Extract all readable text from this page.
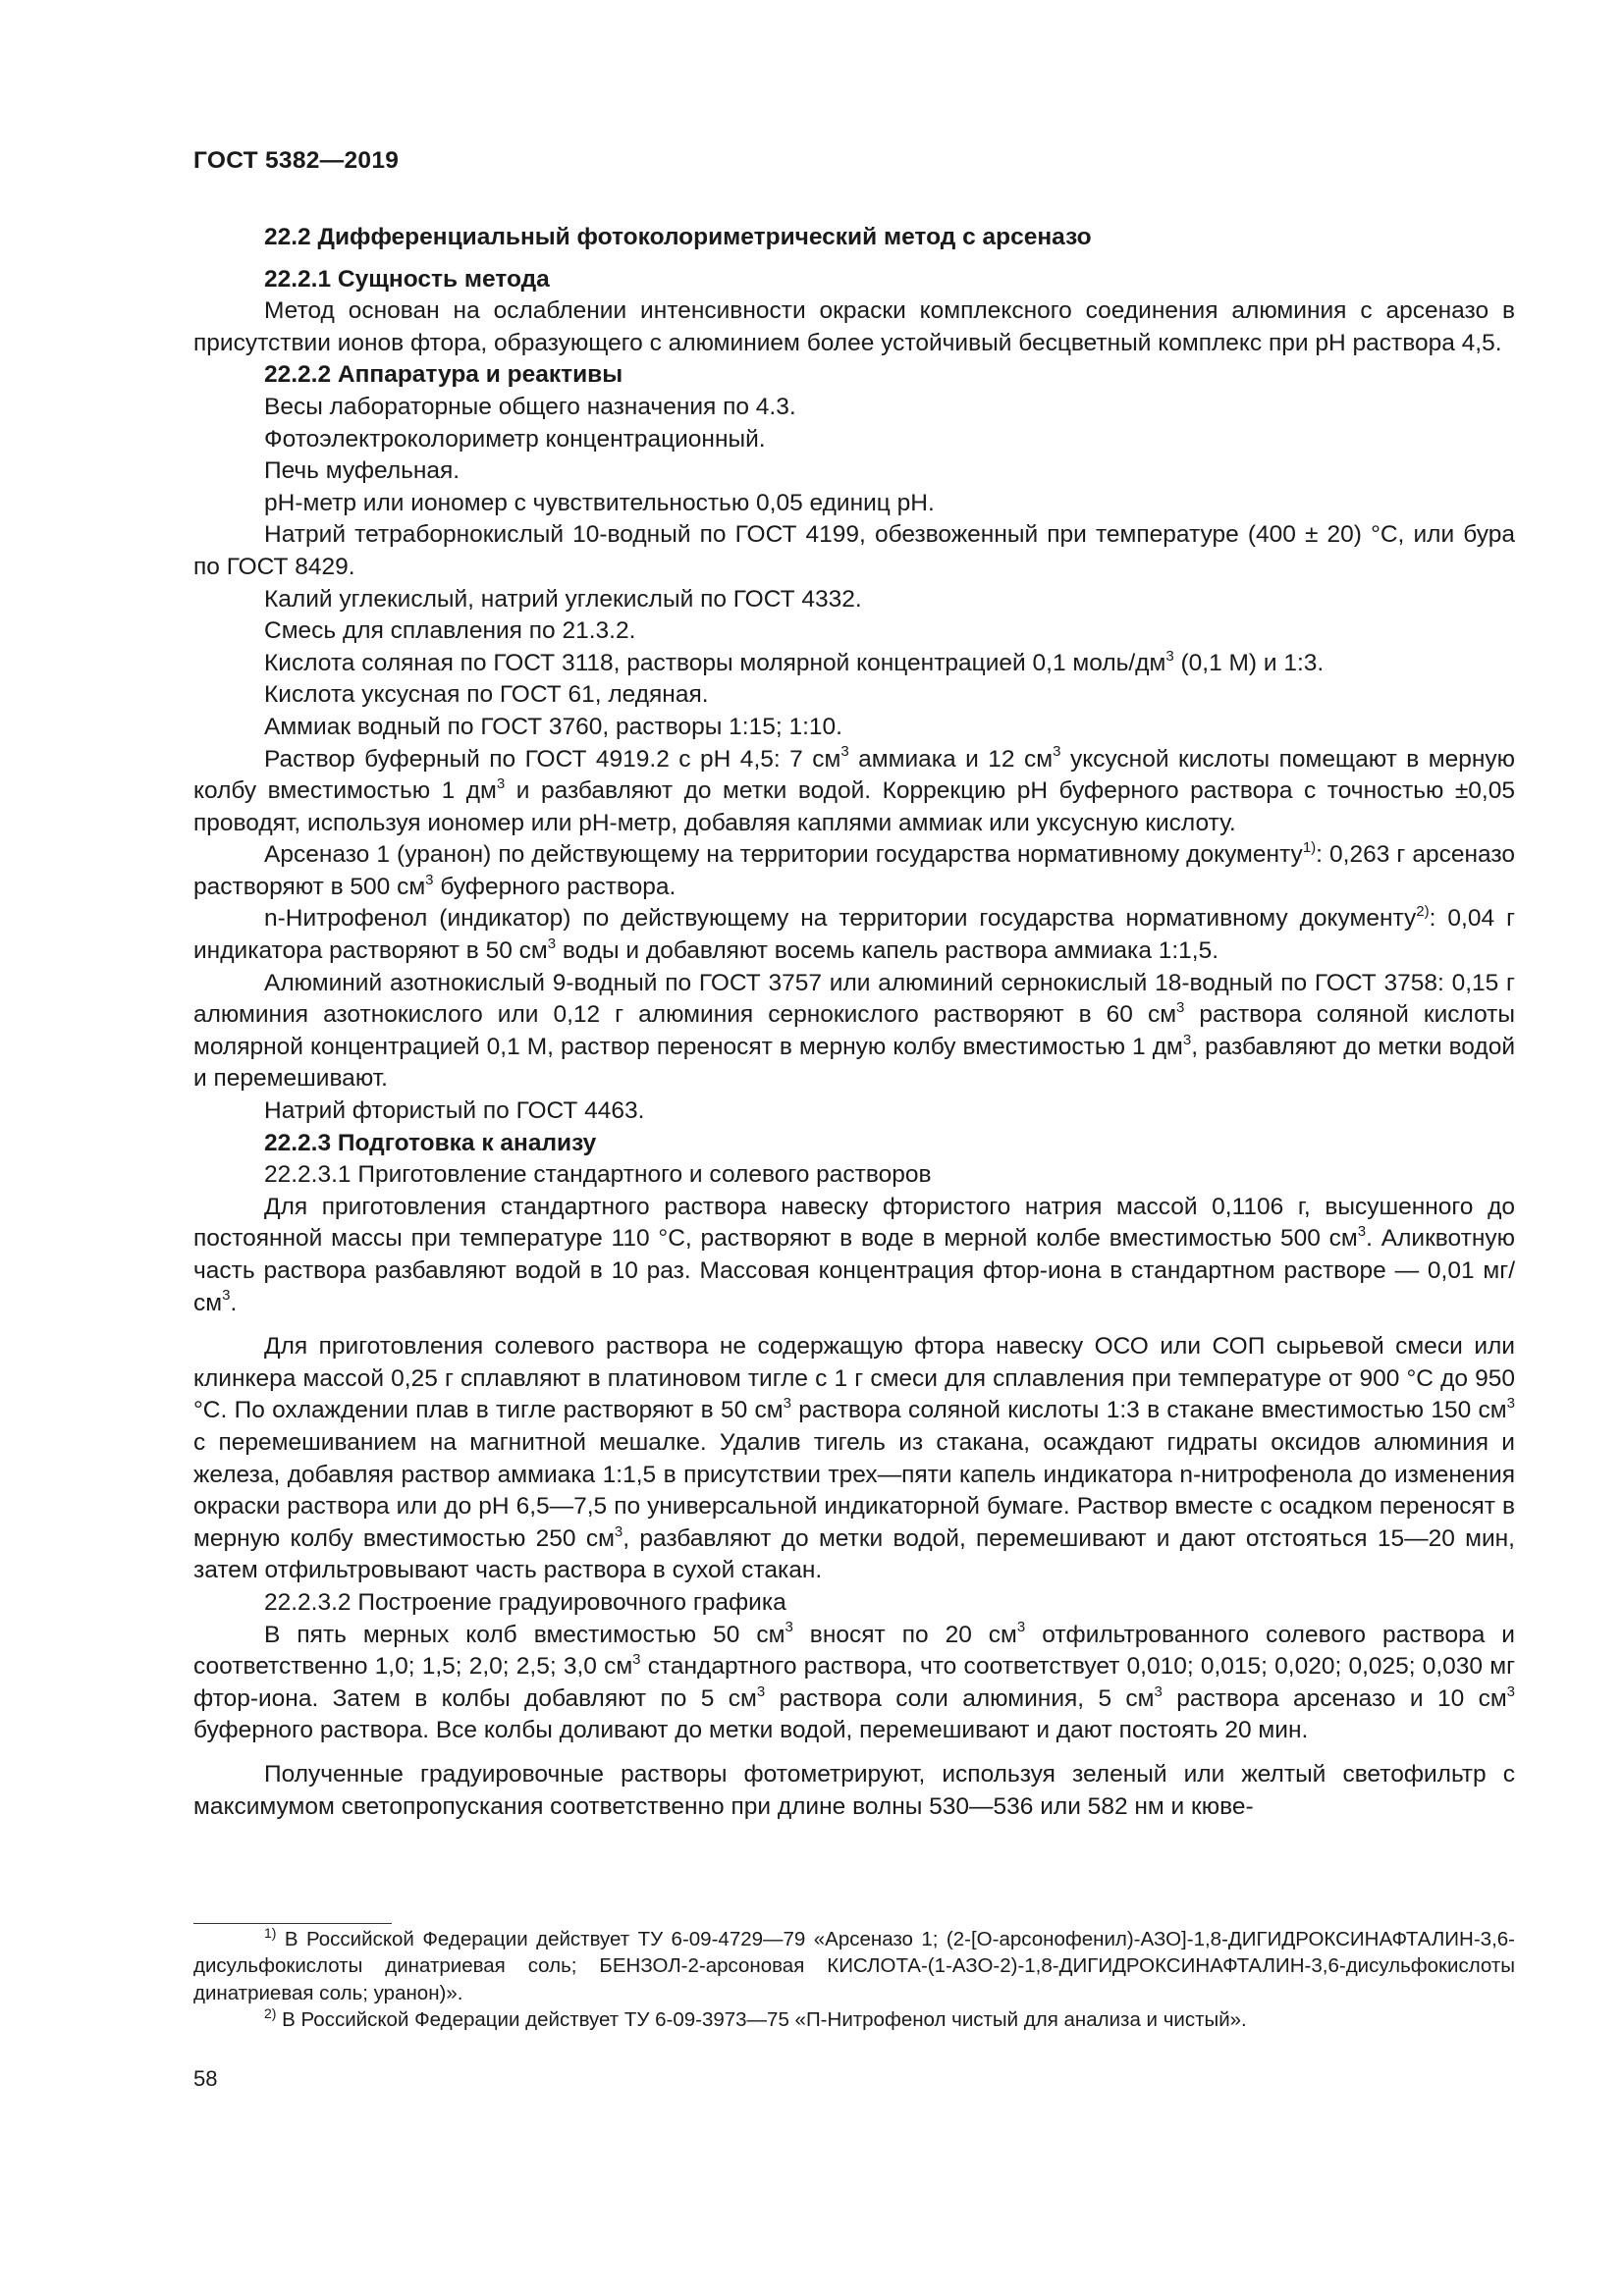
ГОСТ 5382—2019

22.2 Дифференциальный фотоколориметрический метод с арсеназо

22.2.1 Сущность метода

Метод основан на ослаблении интенсивности окраски комплексного соединения алюминия с арсеназо в присутствии ионов фтора, образующего с алюминием более устойчивый бесцветный комплекс при рН раствора 4,5.

22.2.2 Аппаратура и реактивы

Весы лабораторные общего назначения по 4.3.

Фотоэлектроколориметр концентрационный.

Печь муфельная.

рН-метр или иономер с чувствительностью 0,05 единиц рН.

Натрий тетраборнокислый 10-водный по ГОСТ 4199, обезвоженный при температуре (400 ± 20) °С, или бура по ГОСТ 8429.

Калий углекислый, натрий углекислый по ГОСТ 4332.

Смесь для сплавления по 21.3.2.

Кислота соляная по ГОСТ 3118, растворы молярной концентрацией 0,1 моль/$дм^3$ (0,1 М) и 1:3.

Кислота уксусная по ГОСТ 61, ледяная.

Аммиак водный по ГОСТ 3760, растворы 1:15; 1:10.

Раствор буферный по ГОСТ 4919.2 с рН 4,5: 7 $см^3$ аммиака и 12 $см^3$ уксусной кислоты помещают в мерную колбу вместимостью 1 $дм^3$ и разбавляют до метки водой. Коррекцию рН буферного раствора с точностью ±0,05 проводят, используя иономер или рН-метр, добавляя каплями аммиак или уксусную кислоту.

Арсеназо 1 (уранон) по действующему на территории государства нормативному документу$^{1)}$: 0,263 г арсеназо растворяют в 500 $см^3$ буферного раствора.

n-Нитрофенол (индикатор) по действующему на территории государства нормативному документу$^{2)}$: 0,04 г индикатора растворяют в 50 $см^3$ воды и добавляют восемь капель раствора аммиака 1:1,5.

Алюминий азотнокислый 9-водный по ГОСТ 3757 или алюминий сернокислый 18-водный по ГОСТ 3758: 0,15 г алюминия азотнокислого или 0,12 г алюминия сернокислого растворяют в 60 $см^3$ раствора соляной кислоты молярной концентрацией 0,1 М, раствор переносят в мерную колбу вместимостью 1 $дм^3$, разбавляют до метки водой и перемешивают.

Натрий фтористый по ГОСТ 4463.

22.2.3 Подготовка к анализу

22.2.3.1 Приготовление стандартного и солевого растворов

Для приготовления стандартного раствора навеску фтористого натрия массой 0,1106 г, высушенного до постоянной массы при температуре 110 °С, растворяют в воде в мерной колбе вместимостью 500 $см^3$. Аликвотную часть раствора разбавляют водой в 10 раз. Массовая концентрация фтор-иона в стандартном растворе — 0,01 $мг/см^3$.

Для приготовления солевого раствора не содержащую фтора навеску ОСО или СОП сырьевой смеси или клинкера массой 0,25 г сплавляют в платиновом тигле с 1 г смеси для сплавления при температуре от 900 °С до 950 °С. По охлаждении плав в тигле растворяют в 50 $см^3$ раствора соляной кислоты 1:3 в стакане вместимостью 150 $см^3$ с перемешиванием на магнитной мешалке. Удалив тигель из стакана, осаждают гидраты оксидов алюминия и железа, добавляя раствор аммиака 1:1,5 в присутствии трех—пяти капель индикатора n-нитрофенола до изменения окраски раствора или до рН 6,5—7,5 по универсальной индикаторной бумаге. Раствор вместе с осадком переносят в мерную колбу вместимостью 250 $см^3$, разбавляют до метки водой, перемешивают и дают отстояться 15—20 мин, затем отфильтровывают часть раствора в сухой стакан.

22.2.3.2 Построение градуировочного графика

В пять мерных колб вместимостью 50 $см^3$ вносят по 20 $см^3$ отфильтрованного солевого раствора и соответственно 1,0; 1,5; 2,0; 2,5; 3,0 $см^3$ стандартного раствора, что соответствует 0,010; 0,015; 0,020; 0,025; 0,030 мг фтор-иона. Затем в колбы добавляют по 5 $см^3$ раствора соли алюминия, 5 $см^3$ раствора арсеназо и 10 $см^3$ буферного раствора. Все колбы доливают до метки водой, перемешивают и дают постоять 20 мин.

Полученные градуировочные растворы фотометрируют, используя зеленый или желтый светофильтр с максимумом светопропускания соответственно при длине волны 530—536 или 582 нм и кюве-

$^{1)}$ В Российской Федерации действует ТУ 6-09-4729—79 «Арсеназо 1; (2-[О-арсонофенил)-АЗО]-1,8-ДИГИДРОКСИНАФТАЛИН-3,6-дисульфокислоты динатриевая соль; БЕНЗОЛ-2-арсоновая КИСЛОТА-(1-АЗО-2)-1,8-ДИГИДРОКСИНАФТАЛИН-3,6-дисульфокислоты динатриевая соль; уранон)».

$^{2)}$ В Российской Федерации действует ТУ 6-09-3973—75 «П-Нитрофенол чистый для анализа и чистый».

58
